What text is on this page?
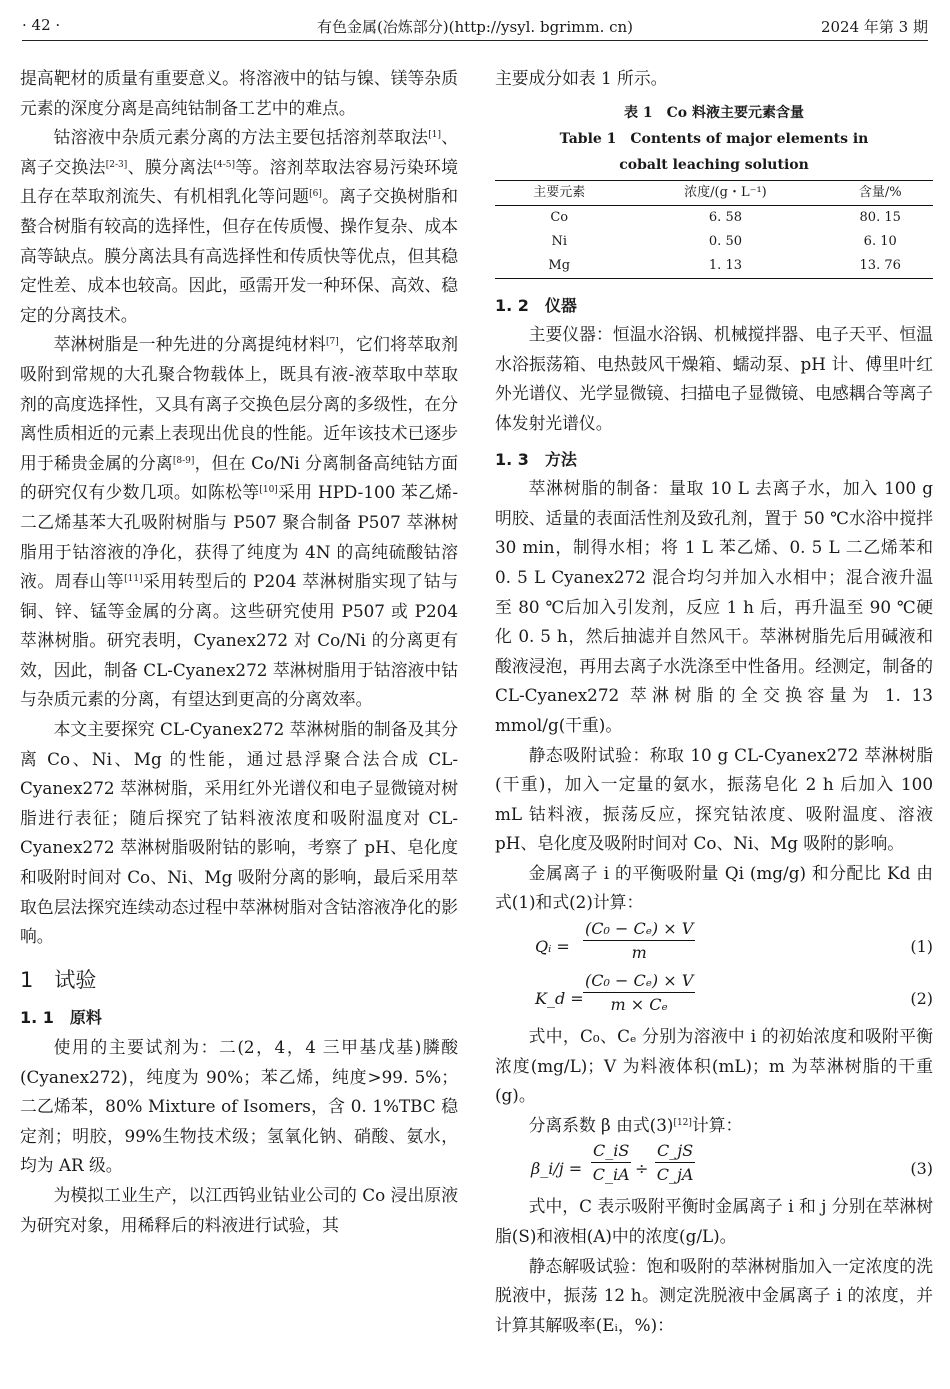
· 42 ·	有色金属(冶炼部分)(http://ysyl. bgrimm. cn)	2024 年第 3 期

提高靶材的质量有重要意义。将溶液中的钴与镍、镁等杂质元素的深度分离是高纯钴制备工艺中的难点。

钴溶液中杂质元素分离的方法主要包括溶剂萃取法[1]、离子交换法[2-3]、膜分离法[4-5]等。溶剂萃取法容易污染环境且存在萃取剂流失、有机相乳化等问题[6]。离子交换树脂和螯合树脂有较高的选择性，但存在传质慢、操作复杂、成本高等缺点。膜分离法具有高选择性和传质快等优点，但其稳定性差、成本也较高。因此，亟需开发一种环保、高效、稳定的分离技术。

萃淋树脂是一种先进的分离提纯材料[7]，它们将萃取剂吸附到常规的大孔聚合物载体上，既具有液-液萃取中萃取剂的高度选择性，又具有离子交换色层分离的多级性，在分离性质相近的元素上表现出优良的性能。近年该技术已逐步用于稀贵金属的分离[8-9]，但在 Co/Ni 分离制备高纯钴方面的研究仅有少数几项。如陈松等[10]采用 HPD-100 苯乙烯-二乙烯基苯大孔吸附树脂与 P507 聚合制备 P507 萃淋树脂用于钴溶液的净化，获得了纯度为 4N 的高纯硫酸钴溶液。周春山等[11]采用转型后的 P204 萃淋树脂实现了钴与铜、锌、锰等金属的分离。这些研究使用 P507 或 P204 萃淋树脂。研究表明，Cyanex272 对 Co/Ni 的分离更有效，因此，制备 CL-Cyanex272 萃淋树脂用于钴溶液中钴与杂质元素的分离，有望达到更高的分离效率。

本文主要探究 CL-Cyanex272 萃淋树脂的制备及其分离 Co、Ni、Mg 的性能，通过悬浮聚合法合成 CL-Cyanex272 萃淋树脂，采用红外光谱仪和电子显微镜对树脂进行表征；随后探究了钴料液浓度和吸附温度对 CL-Cyanex272 萃淋树脂吸附钴的影响，考察了 pH、皂化度和吸附时间对 Co、Ni、Mg 吸附分离的影响，最后采用萃取色层法探究连续动态过程中萃淋树脂对含钴溶液净化的影响。

1　试验
1. 1　原料

使用的主要试剂为：二(2，4，4 三甲基戊基)膦酸(Cyanex272)，纯度为 90%；苯乙烯，纯度>99. 5%；二乙烯苯，80% Mixture of Isomers，含 0. 1%TBC 稳定剂；明胶，99%生物技术级；氢氧化钠、硝酸、氨水，均为 AR 级。

为模拟工业生产，以江西钨业钴业公司的 Co 浸出原液为研究对象，用稀释后的料液进行试验，其

主要成分如表 1 所示。

表 1　Co 料液主要元素含量
Table 1　Contents of major elements in
cobalt leaching solution
主要元素	浓度/(g・L⁻¹)	含量/%
Co	6. 58	80. 15
Ni	0. 50	6. 10
Mg	1. 13	13. 76
1. 2　仪器

主要仪器：恒温水浴锅、机械搅拌器、电子天平、恒温水浴振荡箱、电热鼓风干燥箱、蠕动泵、pH 计、傅里叶红外光谱仪、光学显微镜、扫描电子显微镜、电感耦合等离子体发射光谱仪。

1. 3　方法

萃淋树脂的制备：量取 10 L 去离子水，加入 100 g 明胶、适量的表面活性剂及致孔剂，置于 50 ℃水浴中搅拌 30 min，制得水相；将 1 L 苯乙烯、0. 5 L 二乙烯苯和 0. 5 L Cyanex272 混合均匀并加入水相中；混合液升温至 80 ℃后加入引发剂，反应 1 h 后，再升温至 90 ℃硬化 0. 5 h，然后抽滤并自然风干。萃淋树脂先后用碱液和酸液浸泡，再用去离子水洗涤至中性备用。经测定，制备的 CL-Cyanex272 萃淋树脂的全交换容量为 1. 13 mmol/g(干重)。

静态吸附试验：称取 10 g CL-Cyanex272 萃淋树脂(干重)，加入一定量的氨水，振荡皂化 2 h 后加入 100 mL 钴料液，振荡反应，探究钴浓度、吸附温度、溶液 pH、皂化度及吸附时间对 Co、Ni、Mg 吸附的影响。

金属离子 i 的平衡吸附量 Qi (mg/g) 和分配比 Kd 由式(1)和式(2)计算：

Qᵢ = $\frac{\text{(C₀ − Cₑ) × V}}{m}$	(1)
K_d = $\frac{\text{(C₀ − Cₑ) × V}}{\text{m × Cₑ}}$	(2)

式中，C₀、Cₑ 分别为溶液中 i 的初始浓度和吸附平衡浓度(mg/L)；V 为料液体积(mL)；m 为萃淋树脂的干重(g)。

分离系数 β 由式(3)[12]计算：

β_i/j = $\frac{C\_iS}{C\_iA} \div \frac{C\_jS}{C\_jA}$	(3)

式中，C 表示吸附平衡时金属离子 i 和 j 分别在萃淋树脂(S)和液相(A)中的浓度(g/L)。

静态解吸试验：饱和吸附的萃淋树脂加入一定浓度的洗脱液中，振荡 12 h。测定洗脱液中金属离子 i 的浓度，并计算其解吸率(Eᵢ，%)：
